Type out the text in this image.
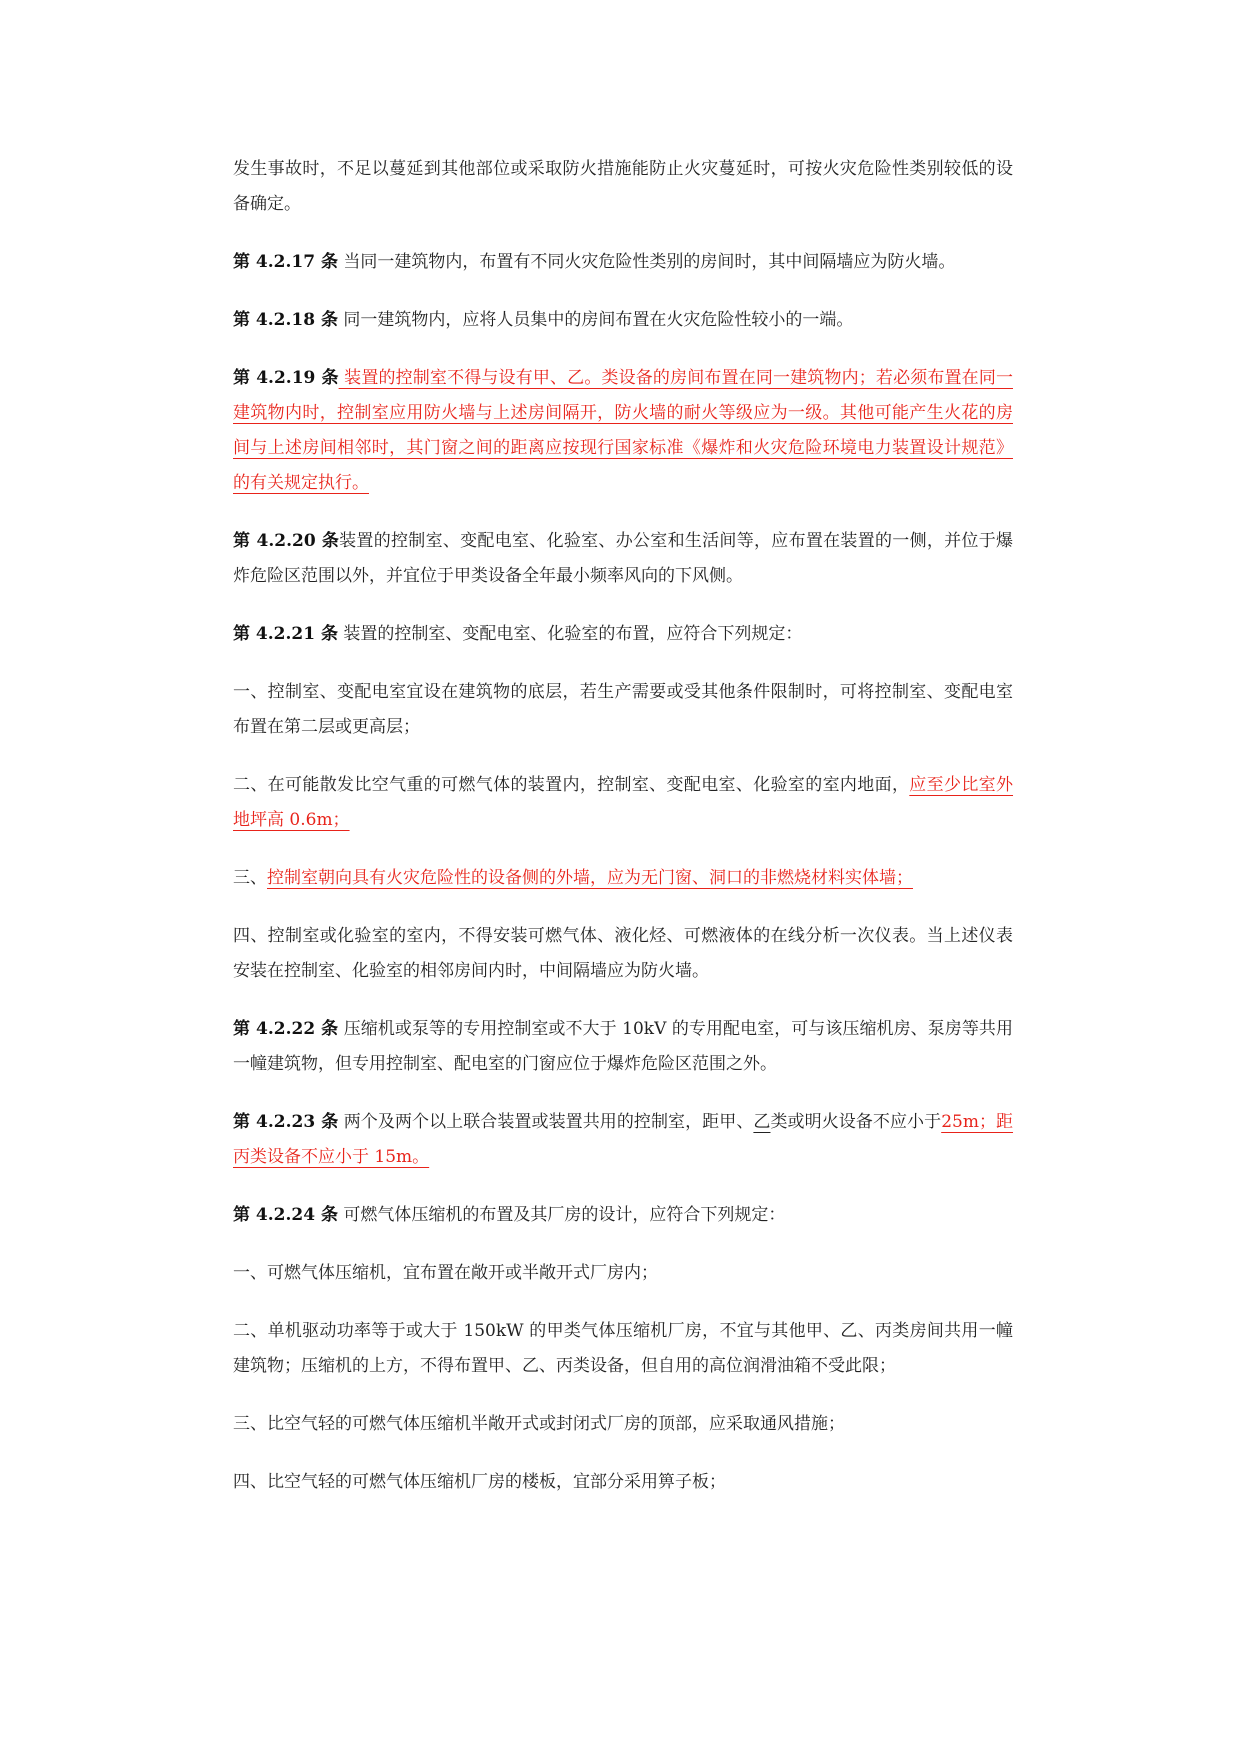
发生事故时，不足以蔓延到其他部位或采取防火措施能防止火灾蔓延时，可按火灾危险性类别较低的设备确定。

第 4.2.17 条 当同一建筑物内，布置有不同火灾危险性类别的房间时，其中间隔墙应为防火墙。

第 4.2.18 条 同一建筑物内，应将人员集中的房间布置在火灾危险性较小的一端。

第 4.2.19 条 装置的控制室不得与设有甲、乙。类设备的房间布置在同一建筑物内；若必须布置在同一建筑物内时，控制室应用防火墙与上述房间隔开，防火墙的耐火等级应为一级。其他可能产生火花的房间与上述房间相邻时，其门窗之间的距离应按现行国家标准《爆炸和火灾危险环境电力装置设计规范》的有关规定执行。

第 4.2.20 条装置的控制室、变配电室、化验室、办公室和生活间等，应布置在装置的一侧，并位于爆炸危险区范围以外，并宜位于甲类设备全年最小频率风向的下风侧。

第 4.2.21 条 装置的控制室、变配电室、化验室的布置，应符合下列规定：

一、控制室、变配电室宜设在建筑物的底层，若生产需要或受其他条件限制时，可将控制室、变配电室布置在第二层或更高层；

二、在可能散发比空气重的可燃气体的装置内，控制室、变配电室、化验室的室内地面，应至少比室外地坪高 0.6m；

三、控制室朝向具有火灾危险性的设备侧的外墙，应为无门窗、洞口的非燃烧材料实体墙；

四、控制室或化验室的室内，不得安装可燃气体、液化烃、可燃液体的在线分析一次仪表。当上述仪表安装在控制室、化验室的相邻房间内时，中间隔墙应为防火墙。

第 4.2.22 条 压缩机或泵等的专用控制室或不大于 10kV 的专用配电室，可与该压缩机房、泵房等共用一幢建筑物，但专用控制室、配电室的门窗应位于爆炸危险区范围之外。

第 4.2.23 条 两个及两个以上联合装置或装置共用的控制室，距甲、乙类或明火设备不应小于25m；距丙类设备不应小于 15m。

第 4.2.24 条 可燃气体压缩机的布置及其厂房的设计，应符合下列规定：

一、可燃气体压缩机，宜布置在敞开或半敞开式厂房内；

二、单机驱动功率等于或大于 150kW 的甲类气体压缩机厂房，不宜与其他甲、乙、丙类房间共用一幢建筑物；压缩机的上方，不得布置甲、乙、丙类设备，但自用的高位润滑油箱不受此限；

三、比空气轻的可燃气体压缩机半敞开式或封闭式厂房的顶部，应采取通风措施；

四、比空气轻的可燃气体压缩机厂房的楼板，宜部分采用箅子板；
